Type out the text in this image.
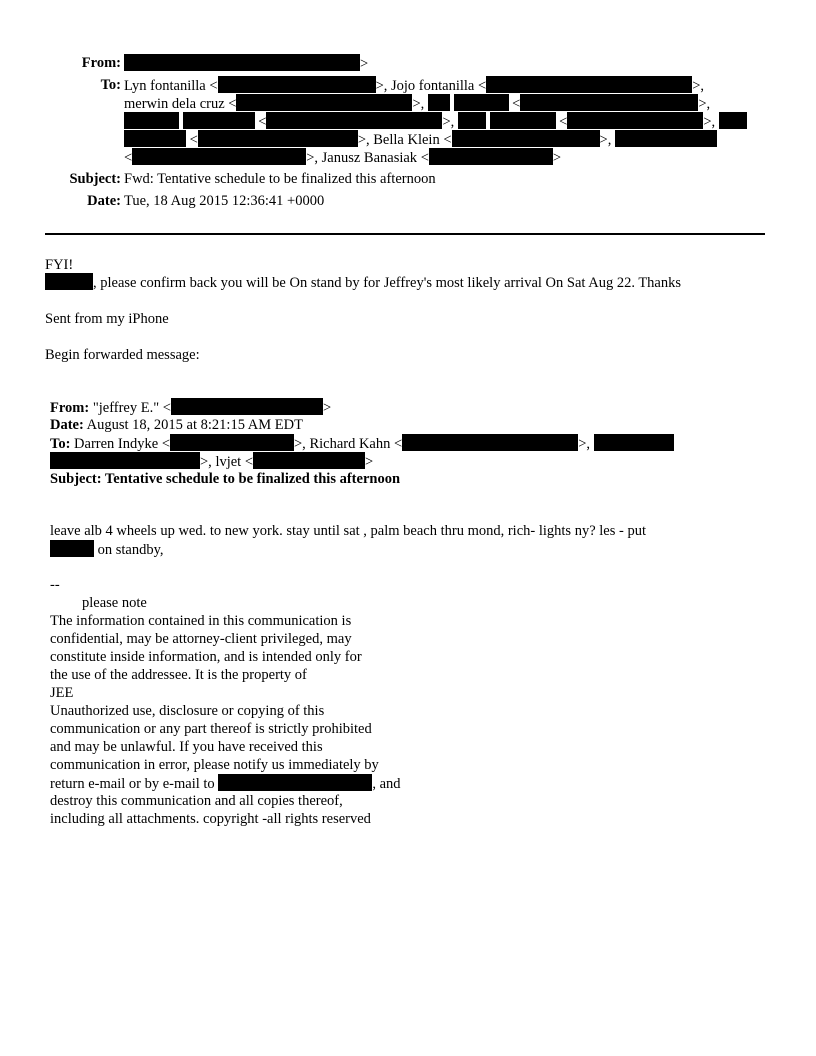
From:	>
To: Lyn fontanilla <	>, Jojo fontanilla <	>,
merwin dela cruz <	>,	<	>,
<	>,	<	>,
<	>, Bella Klein <	>,
<	>, Janusz Banasiak <	>
Subject: Fwd: Tentative schedule to be finalized this afternoon
Date: Tue, 18 Aug 2015 12:36:41 +0000
FYI!
, please confirm back you will be On stand by for Jeffrey's most likely arrival On Sat Aug 22. Thanks
Sent from my iPhone
Begin forwarded message:
From: "jeffrey E." <	>
Date: August 18, 2015 at 8:21:15 AM EDT
To: Darren Indyke <	>, Richard Kahn <	>,
>, lvjet <	>
Subject: Tentative schedule to be finalized this afternoon
leave alb 4 wheels up wed. to new york. stay until sat , palm beach thru mond, rich- lights ny? les - put
on standby,
--
please note
The information contained in this communication is
confidential, may be attorney-client privileged, may
constitute inside information, and is intended only for
the use of the addressee. It is the property of
JEE
Unauthorized use, disclosure or copying of this
communication or any part thereof is strictly prohibited
and may be unlawful. If you have received this
communication in error, please notify us immediately by
return e-mail or by e-mail to	, and
destroy this communication and all copies thereof,
including all attachments. copyright -all rights reserved
